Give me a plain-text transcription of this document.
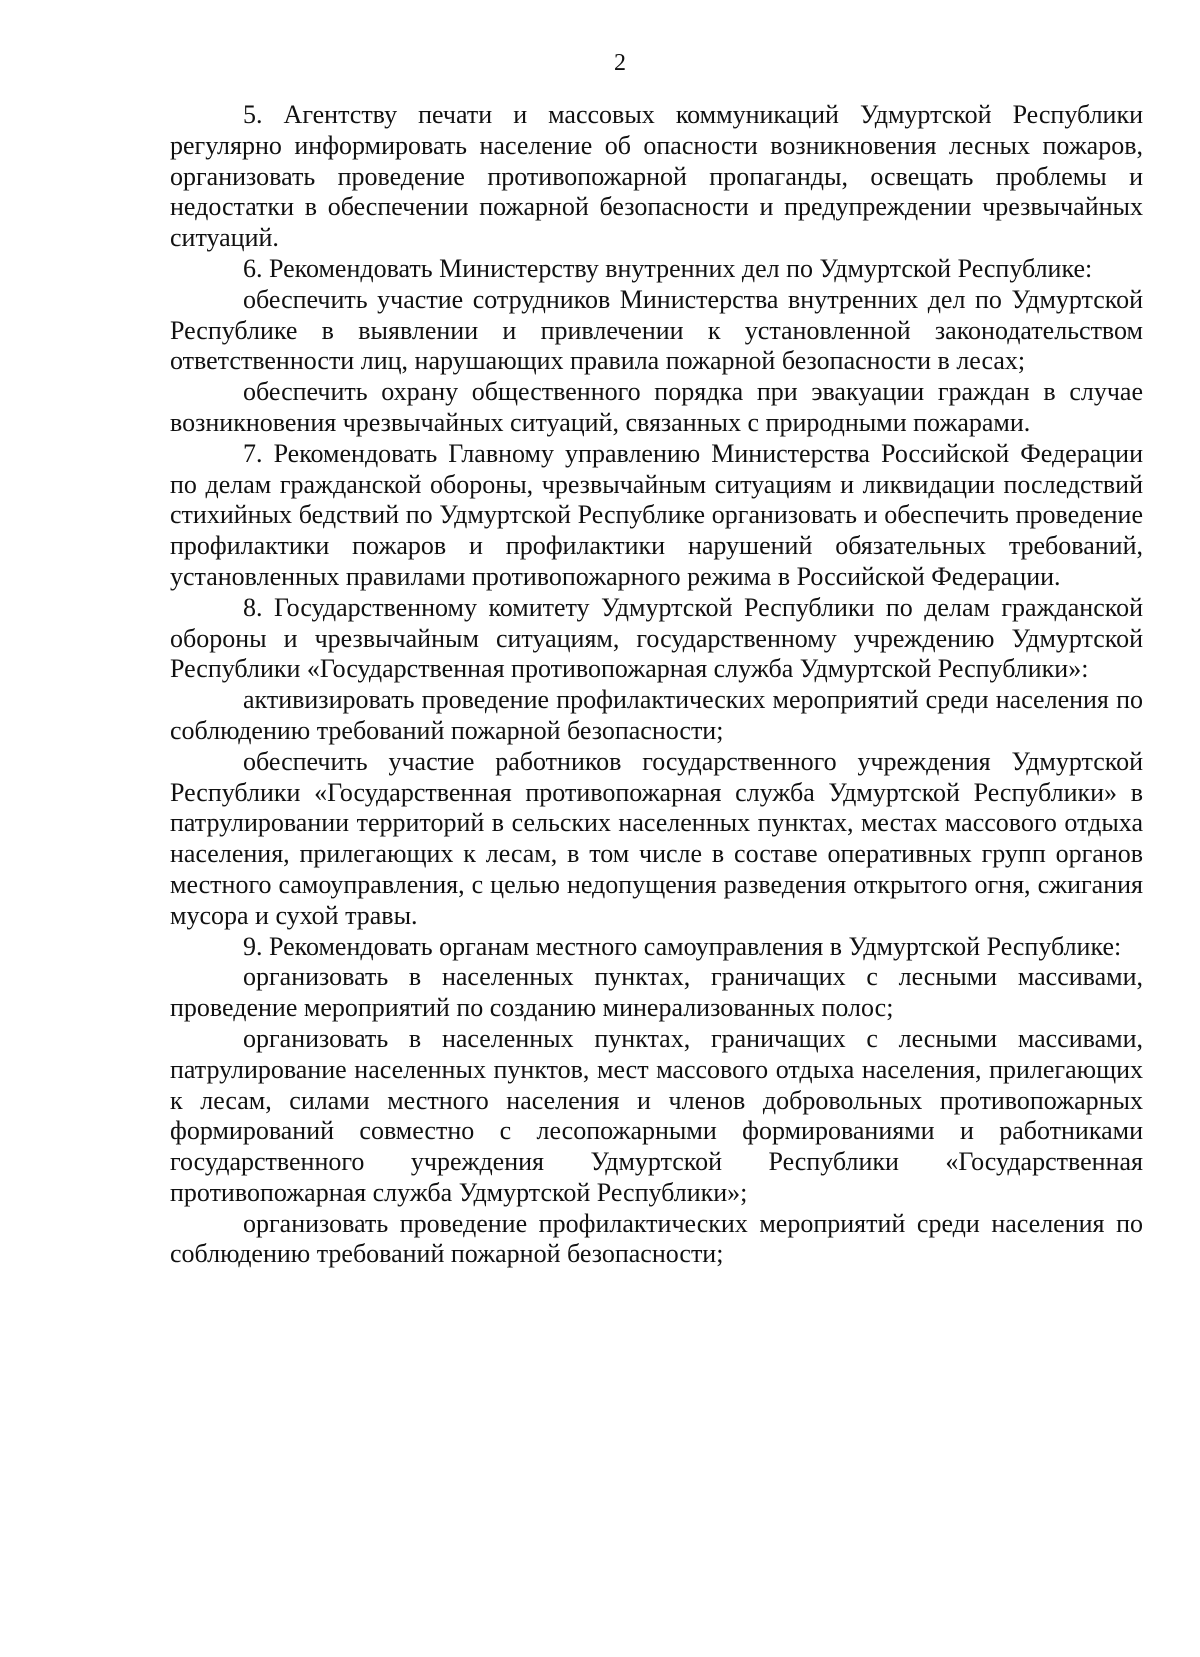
2

5. Агентству печати и массовых коммуникаций Удмуртской Республики регулярно информировать население об опасности возникновения лесных пожаров, организовать проведение противопожарной пропаганды, освещать проблемы и недостатки в обеспечении пожарной безопасности и предупреждении чрезвычайных ситуаций.

6. Рекомендовать Министерству внутренних дел по Удмуртской Республике:

обеспечить участие сотрудников Министерства внутренних дел по Удмуртской Республике в выявлении и привлечении к установленной законодательством ответственности лиц, нарушающих правила пожарной безопасности в лесах;

обеспечить охрану общественного порядка при эвакуации граждан в случае возникновения чрезвычайных ситуаций, связанных с природными пожарами.

7. Рекомендовать Главному управлению Министерства Российской Федерации по делам гражданской обороны, чрезвычайным ситуациям и ликвидации последствий стихийных бедствий по Удмуртской Республике организовать и обеспечить проведение профилактики пожаров и профилактики нарушений обязательных требований, установленных правилами противопожарного режима в Российской Федерации.

8. Государственному комитету Удмуртской Республики по делам гражданской обороны и чрезвычайным ситуациям, государственному учреждению Удмуртской Республики «Государственная противопожарная служба Удмуртской Республики»:

активизировать проведение профилактических мероприятий среди населения по соблюдению требований пожарной безопасности;

обеспечить участие работников государственного учреждения Удмуртской Республики «Государственная противопожарная служба Удмуртской Республики» в патрулировании территорий в сельских населенных пунктах, местах массового отдыха населения, прилегающих к лесам, в том числе в составе оперативных групп органов местного самоуправления, с целью недопущения разведения открытого огня, сжигания мусора и сухой травы.

9. Рекомендовать органам местного самоуправления в Удмуртской Республике:

организовать в населенных пунктах, граничащих с лесными массивами, проведение мероприятий по созданию минерализованных полос;

организовать в населенных пунктах, граничащих с лесными массивами, патрулирование населенных пунктов, мест массового отдыха населения, прилегающих к лесам, силами местного населения и членов добровольных противопожарных формирований совместно с лесопожарными формированиями и работниками государственного учреждения Удмуртской Республики «Государственная противопожарная служба Удмуртской Республики»;

организовать проведение профилактических мероприятий среди населения по соблюдению требований пожарной безопасности;
